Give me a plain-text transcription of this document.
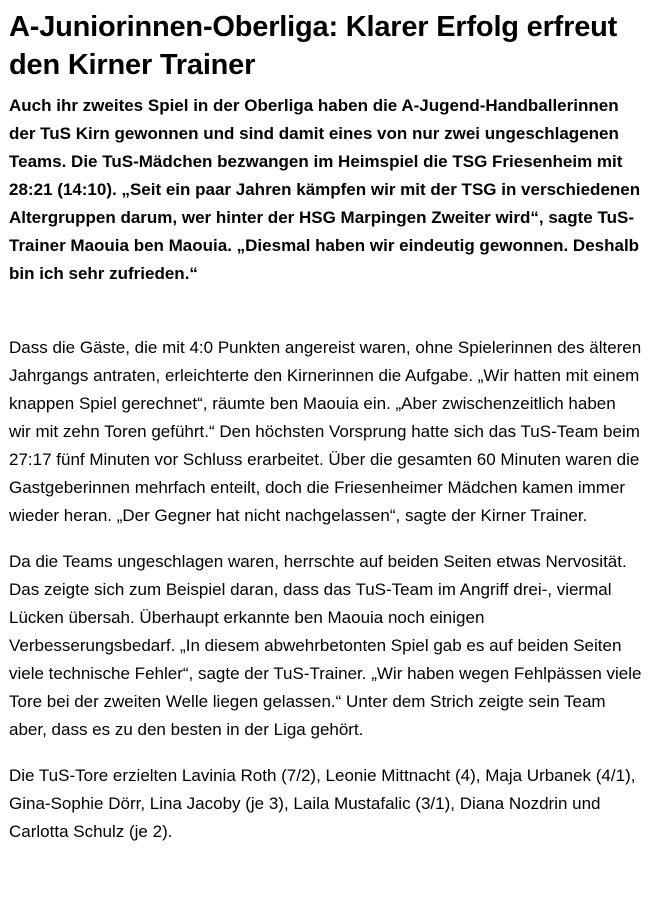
A-Juniorinnen-Oberliga: Klarer Erfolg erfreut den Kirner Trainer

Auch ihr zweites Spiel in der Oberliga haben die A-Jugend-Handballerinnen der TuS Kirn gewonnen und sind damit eines von nur zwei ungeschlagenen Teams. Die TuS-Mädchen bezwangen im Heimspiel die TSG Friesenheim mit 28:21 (14:10). „Seit ein paar Jahren kämpfen wir mit der TSG in verschiedenen Altergruppen darum, wer hinter der HSG Marpingen Zweiter wird“, sagte TuS-Trainer Maouia ben Maouia. „Diesmal haben wir eindeutig gewonnen. Deshalb bin ich sehr zufrieden.“

Dass die Gäste, die mit 4:0 Punkten angereist waren, ohne Spielerinnen des älteren Jahrgangs antraten, erleichterte den Kirnerinnen die Aufgabe. „Wir hatten mit einem knappen Spiel gerechnet“, räumte ben Maouia ein. „Aber zwischenzeitlich haben wir mit zehn Toren geführt.“ Den höchsten Vorsprung hatte sich das TuS-Team beim 27:17 fünf Minuten vor Schluss erarbeitet. Über die gesamten 60 Minuten waren die Gastgeberinnen mehrfach enteilt, doch die Friesenheimer Mädchen kamen immer wieder heran. „Der Gegner hat nicht nachgelassen“, sagte der Kirner Trainer.

Da die Teams ungeschlagen waren, herrschte auf beiden Seiten etwas Nervosität. Das zeigte sich zum Beispiel daran, dass das TuS-Team im Angriff drei-, viermal Lücken übersah. Überhaupt erkannte ben Maouia noch einigen Verbesserungsbedarf. „In diesem abwehrbetonten Spiel gab es auf beiden Seiten viele technische Fehler“, sagte der TuS-Trainer. „Wir haben wegen Fehlpässen viele Tore bei der zweiten Welle liegen gelassen.“ Unter dem Strich zeigte sein Team aber, dass es zu den besten in der Liga gehört.

Die TuS-Tore erzielten Lavinia Roth (7/2), Leonie Mittnacht (4), Maja Urbanek (4/1), Gina-Sophie Dörr, Lina Jacoby (je 3), Laila Mustafalic (3/1), Diana Nozdrin und Carlotta Schulz (je 2).
